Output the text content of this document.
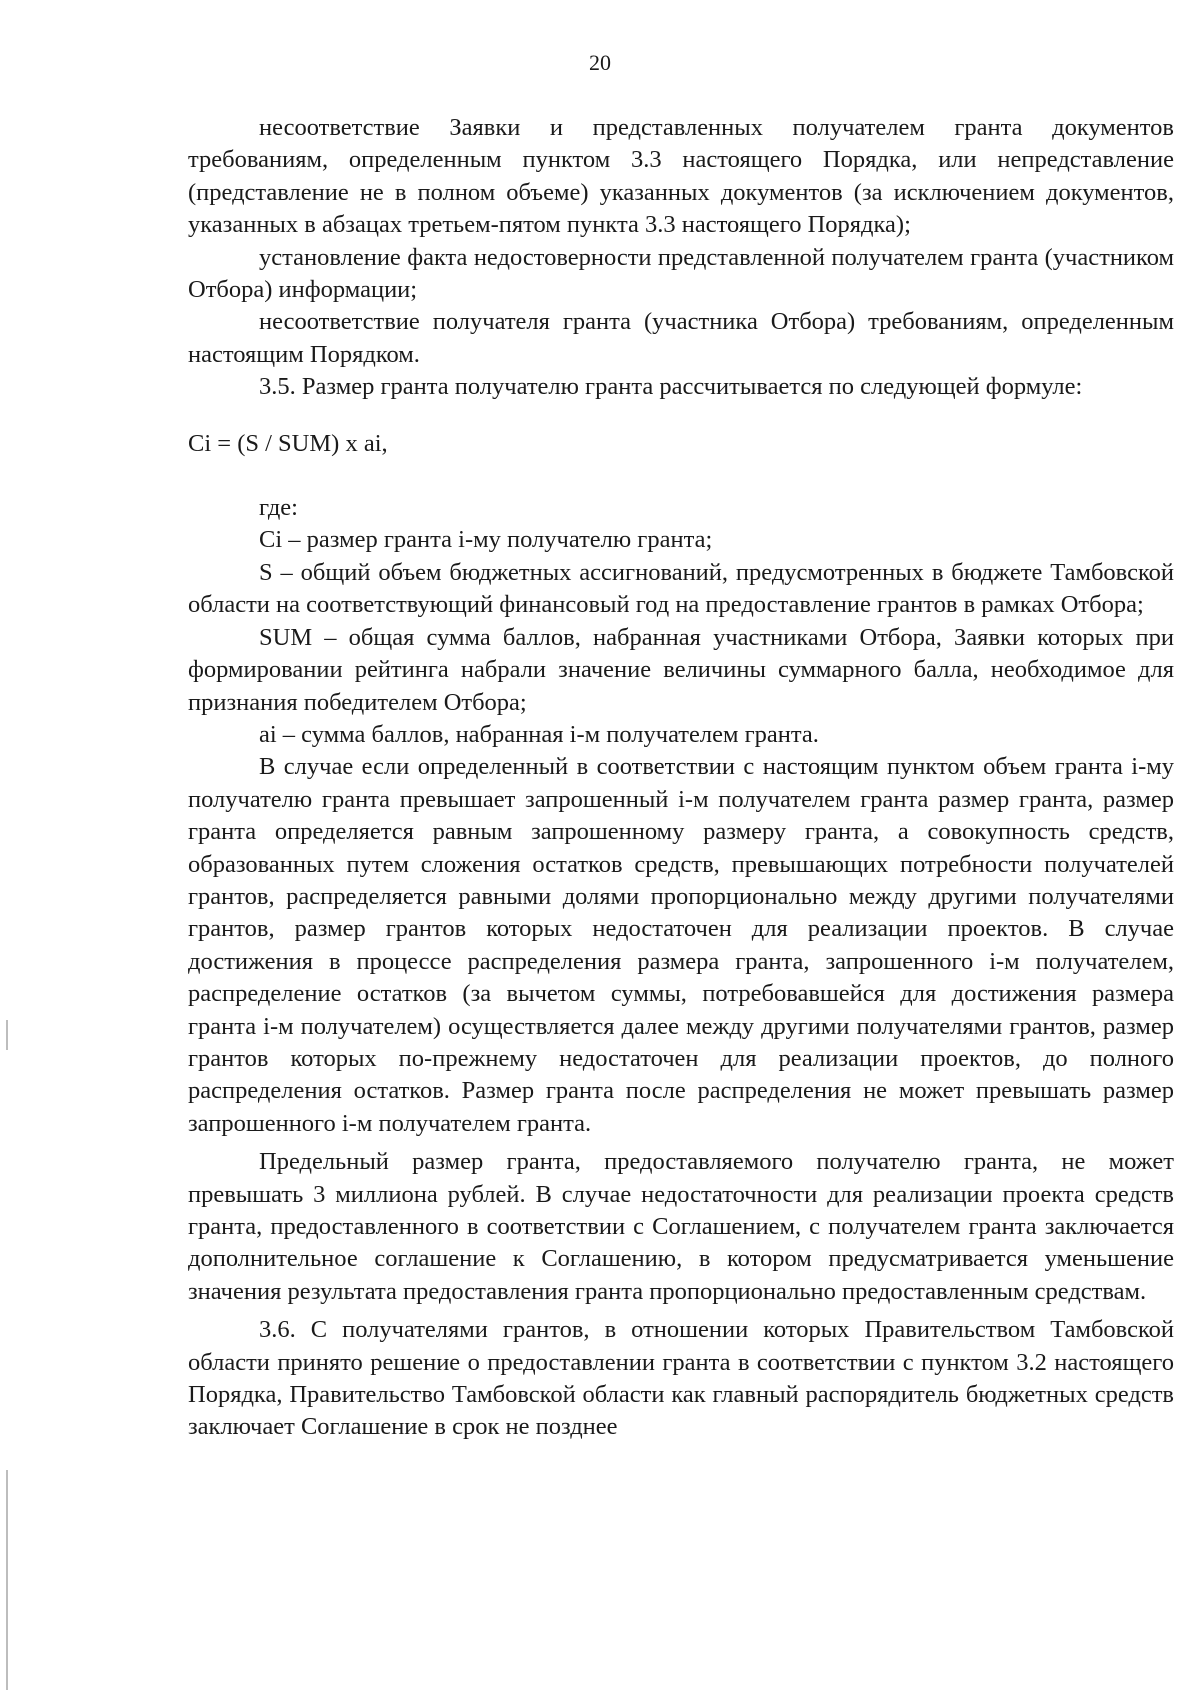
20

несоответствие Заявки и представленных получателем гранта документов требованиям, определенным пунктом 3.3 настоящего Порядка, или непредставление (представление не в полном объеме) указанных документов (за исключением документов, указанных в абзацах третьем-пятом пункта 3.3 настоящего Порядка);

установление факта недостоверности представленной получателем гранта (участником Отбора) информации;

несоответствие получателя гранта (участника Отбора) требованиям, определенным настоящим Порядком.

3.5. Размер гранта получателю гранта рассчитывается по следующей формуле:

Ci = (S / SUM) x ai,

где:

Ci – размер гранта i-му получателю гранта;

S – общий объем бюджетных ассигнований, предусмотренных в бюджете Тамбовской области на соответствующий финансовый год на предоставление грантов в рамках Отбора;

SUM – общая сумма баллов, набранная участниками Отбора, Заявки которых при формировании рейтинга набрали значение величины суммарного балла, необходимое для признания победителем Отбора;

ai – сумма баллов, набранная i-м получателем гранта.

В случае если определенный в соответствии с настоящим пунктом объем гранта i-му получателю гранта превышает запрошенный i-м получателем гранта размер гранта, размер гранта определяется равным запрошенному размеру гранта, а совокупность средств, образованных путем сложения остатков средств, превышающих потребности получателей грантов, распределяется равными долями пропорционально между другими получателями грантов, размер грантов которых недостаточен для реализации проектов. В случае достижения в процессе распределения размера гранта, запрошенного i-м получателем, распределение остатков (за вычетом суммы, потребовавшейся для достижения размера гранта i-м получателем) осуществляется далее между другими получателями грантов, размер грантов которых по-прежнему недостаточен для реализации проектов, до полного распределения остатков. Размер гранта после распределения не может превышать размер запрошенного i-м получателем гранта.

Предельный размер гранта, предоставляемого получателю гранта, не может превышать 3 миллиона рублей. В случае недостаточности для реализации проекта средств гранта, предоставленного в соответствии с Соглашением, с получателем гранта заключается дополнительное соглашение к Соглашению, в котором предусматривается уменьшение значения результата предоставления гранта пропорционально предоставленным средствам.

3.6. С получателями грантов, в отношении которых Правительством Тамбовской области принято решение о предоставлении гранта в соответствии с пунктом 3.2 настоящего Порядка, Правительство Тамбовской области как главный распорядитель бюджетных средств заключает Соглашение в срок не позднее
